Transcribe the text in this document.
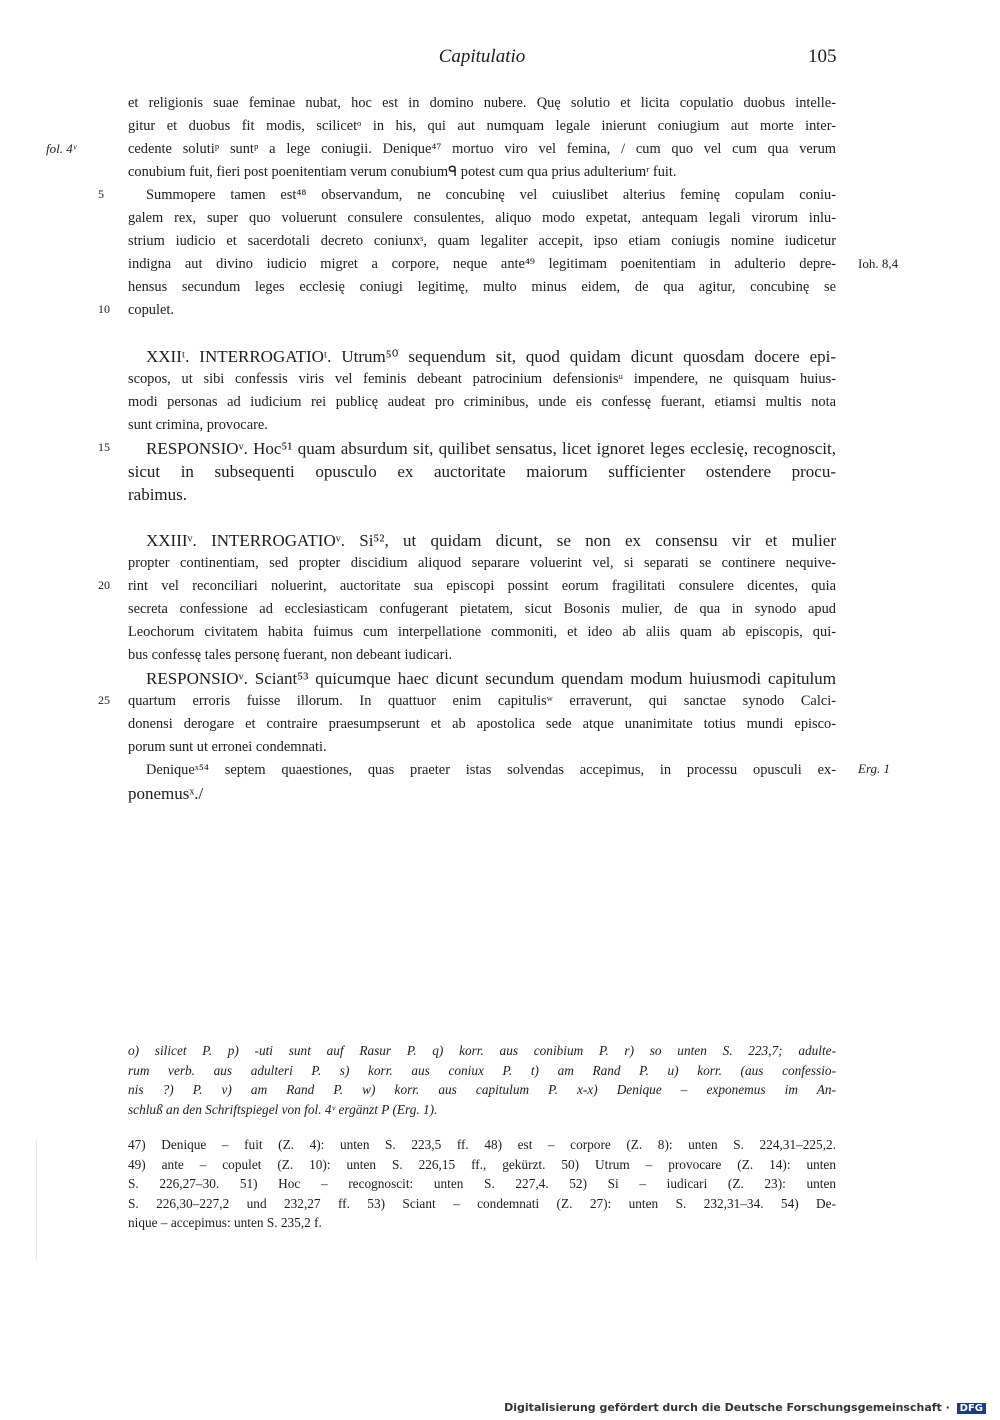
Capitulatio	105
fol. 4ᵛ
Ioh. 8,4
Erg. 1
5
10
15
20
25
et religionis suae feminae nubat, hoc est in domino nubere. Quę solutio et licita copulatio duobus intelle-
gitur et duobus fit modis, scilicetᵒ in his, qui aut numquam legale inierunt coniugium aut morte inter-
cedente solutiᵖ suntᵖ a lege coniugii. Denique⁴⁷ mortuo viro vel femina, / cum quo vel cum qua verum
conubium fuit, fieri post poenitentiam verum conubiumᑫ potest cum qua prius adulteriumʳ fuit.
Summopere tamen est⁴⁸ observandum, ne concubinę vel cuiuslibet alterius feminę copulam coniu-
galem rex, super quo voluerunt consulere consulentes, aliquo modo expetat, antequam legali virorum inlu-
strium iudicio et sacerdotali decreto coniunxˢ, quam legaliter accepit, ipso etiam coniugis nomine iudicetur
indigna aut divino iudicio migret a corpore, neque ante⁴⁹ legitimam poenitentiam in adulterio depre-
hensus secundum leges ecclesię coniugi legitimę, multo minus eidem, de qua agitur, concubinę se
copulet.
XXIIᵗ. INTERROGATIOᵗ. Utrum⁵⁰ sequendum sit, quod quidam dicunt quosdam docere epi-
scopos, ut sibi confessis viris vel feminis debeant patrocinium defensionisᵘ impendere, ne quisquam huius-
modi personas ad iudicium rei publicę audeat pro criminibus, unde eis confessę fuerant, etiamsi multis nota
sunt crimina, provocare.
RESPONSIOᵛ. Hoc⁵¹ quam absurdum sit, quilibet sensatus, licet ignoret leges ecclesię, recognoscit,
sicut in subsequenti opusculo ex auctoritate maiorum sufficienter ostendere procu-
rabimus.
XXIIIᵛ. INTERROGATIOᵛ. Si⁵², ut quidam dicunt, se non ex consensu vir et mulier
propter continentiam, sed propter discidium aliquod separare voluerint vel, si separati se continere nequive-
rint vel reconciliari noluerint, auctoritate sua episcopi possint eorum fragilitati consulere dicentes, quia
secreta confessione ad ecclesiasticam confugerant pietatem, sicut Bosonis mulier, de qua in synodo apud
Leochorum civitatem habita fuimus cum interpellatione commoniti, et ideo ab aliis quam ab episcopis, qui-
bus confessę tales personę fuerant, non debeant iudicari.
RESPONSIOᵛ. Sciant⁵³ quicumque haec dicunt secundum quendam modum huiusmodi capitulum
quartum erroris fuisse illorum. In quattuor enim capitulisʷ erraverunt, qui sanctae synodo Calci-
donensi derogare et contraire praesumpserunt et ab apostolica sede atque unanimitate totius mundi episco-
porum sunt ut erronei condemnati.
Deniqueˣ⁵⁴ septem quaestiones, quas praeter istas solvendas accepimus, in processu opusculi ex-
ponemusˣ./
o) silicet P. p) -uti sunt auf Rasur P. q) korr. aus conibium P. r) so unten S. 223,7; adulte-
rum verb. aus adulteri P. s) korr. aus coniux P. t) am Rand P. u) korr. (aus confessio-
nis ?) P. v) am Rand P. w) korr. aus capitulum P. x-x) Denique – exponemus im An-
schluß an den Schriftspiegel von fol. 4ᵛ ergänzt P (Erg. 1).
47) Denique – fuit (Z. 4): unten S. 223,5 ff. 48) est – corpore (Z. 8): unten S. 224,31–225,2.
49) ante – copulet (Z. 10): unten S. 226,15 ff., gekürzt. 50) Utrum – provocare (Z. 14): unten
S. 226,27–30. 51) Hoc – recognoscit: unten S. 227,4. 52) Si – iudicari (Z. 23): unten
S. 226,30–227,2 und 232,27 ff. 53) Sciant – condemnati (Z. 27): unten S. 232,31–34. 54) De-
nique – accepimus: unten S. 235,2 f.
Digitalisierung gefördert durch die Deutsche Forschungsgemeinschaft · DFG
